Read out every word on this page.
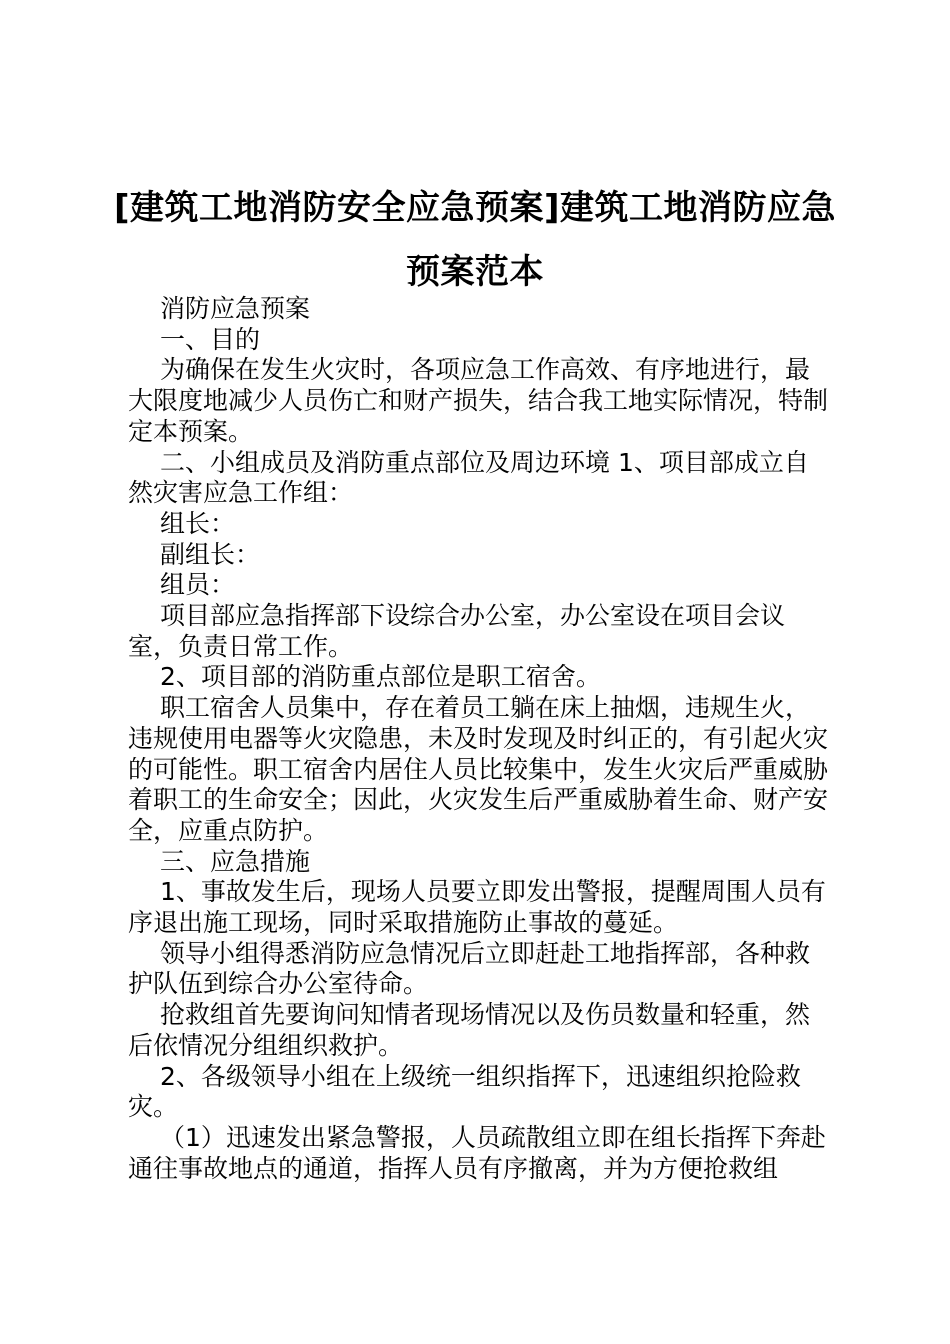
[建筑工地消防安全应急预案]建筑工地消防应急预案范本

消防应急预案

一、目的

为确保在发生火灾时，各项应急工作高效、有序地进行，最大限度地减少人员伤亡和财产损失，结合我工地实际情况，特制定本预案。

二、小组成员及消防重点部位及周边环境 1、项目部成立自然灾害应急工作组：

组长：

副组长：

组员：

项目部应急指挥部下设综合办公室，办公室设在项目会议室，负责日常工作。

2、项目部的消防重点部位是职工宿舍。

职工宿舍人员集中，存在着员工躺在床上抽烟，违规生火，违规使用电器等火灾隐患，未及时发现及时纠正的，有引起火灾的可能性。职工宿舍内居住人员比较集中，发生火灾后严重威胁着职工的生命安全；因此，火灾发生后严重威胁着生命、财产安全，应重点防护。

三、应急措施

1、事故发生后，现场人员要立即发出警报，提醒周围人员有序退出施工现场，同时采取措施防止事故的蔓延。

领导小组得悉消防应急情况后立即赶赴工地指挥部，各种救护队伍到综合办公室待命。

抢救组首先要询问知情者现场情况以及伤员数量和轻重，然后依情况分组组织救护。

2、各级领导小组在上级统一组织指挥下，迅速组织抢险救灾。

（1）迅速发出紧急警报，人员疏散组立即在组长指挥下奔赴通往事故地点的通道，指挥人员有序撤离，并为方便抢救组
